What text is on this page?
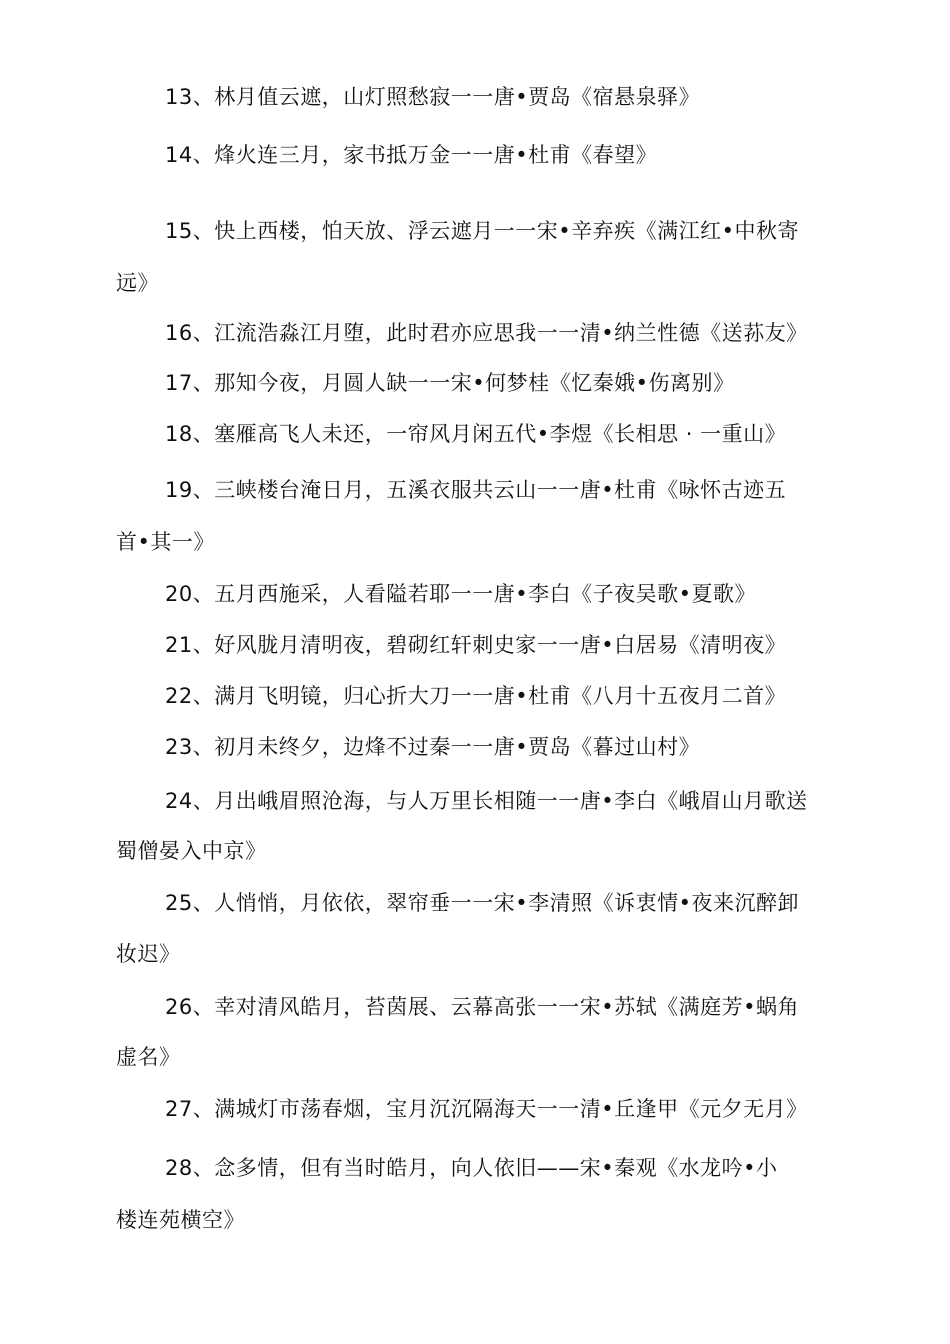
13、林月值云遮，山灯照愁寂一一唐•贾岛《宿悬泉驿》
14、烽火连三月，家书抵万金一一唐•杜甫《春望》
15、快上西楼，怕天放、浮云遮月一一宋•辛弃疾《满江红•中秋寄
远》
16、江流浩淼江月堕，此时君亦应思我一一清•纳兰性德《送荪友》
17、那知今夜，月圆人缺一一宋•何梦桂《忆秦娥•伤离别》
18、塞雁高飞人未还，一帘风月闲五代•李煜《长相思 · 一重山》
19、三峡楼台淹日月，五溪衣服共云山一一唐•杜甫《咏怀古迹五
首•其一》
20、五月西施采，人看隘若耶一一唐•李白《子夜吴歌•夏歌》
21、好风胧月清明夜，碧砌红轩刺史家一一唐•白居易《清明夜》
22、满月飞明镜，归心折大刀一一唐•杜甫《八月十五夜月二首》
23、初月未终夕，边烽不过秦一一唐•贾岛《暮过山村》
24、月出峨眉照沧海，与人万里长相随一一唐•李白《峨眉山月歌送
蜀僧晏入中京》
25、人悄悄，月依依，翠帘垂一一宋•李清照《诉衷情•夜来沉醉卸
妆迟》
26、幸对清风皓月，苔茵展、云幕高张一一宋•苏轼《满庭芳•蜗角
虚名》
27、满城灯市荡春烟，宝月沉沉隔海天一一清•丘逢甲《元夕无月》
28、念多情，但有当时皓月，向人依旧——宋•秦观《水龙吟•小
楼连苑横空》
